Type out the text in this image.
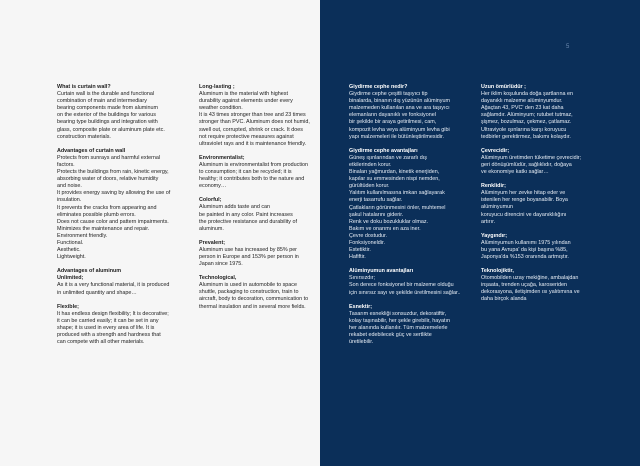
5
What is curtain wall?
Curtain wall is the durable and functional
combination of main and intermediary
bearing components made from aluminum
on the exterior of the buildings for various
bearing type buildings and integration with
glass, composite plate or aluminum plate etc.
construction materials.
Advantages of curtain wall
Protects from sunrays and harmful external
factors.
Protects the buildings from rain, kinetic energy,
absorbing water of doors, relative humidity
and noise.
It provides energy saving by allowing the use of
insulation.
It prevents the cracks from appearing and
eliminates possible plumb errors.
Does not cause color and pattern impairments.
Minimizes the maintenance and repair.
Environment friendly.
Functional.
Aesthetic.
Lightweight.
Advantages of aluminum
Unlimited;
As it is a very functional material, it is produced
in unlimited quantity and shape…
Flexible;
It has endless design flexibility; It is decorative;
it can be carried easily; it can be set in any
shape; it is used in every area of life. It is
produced with a strength and hardness that
can compete with all other materials.
Long-lasting ;
Aluminum is the material with highest
durability against elements under every
weather condition.
It is 43 times stronger than tree and 23 times
stronger than PVC. Aluminum does not humid,
swell out, corrupted, shrink or crack. It does
not require protective measures against
ultraviolet rays and it is maintenance friendly.
Environmentalist;
Aluminum is environmentalist from production
to consumption; it can be recycled; it is
healthy; it contributes both to the nature and
economy…
Colorful;
Aluminum adds taste and can
be painted in any color. Paint increases
the protective resistance and durability of
aluminum.
Prevalent;
Aluminum use has increased by 85% per
person in Europe and 153% per person in
Japan since 1975.
Technological,
Aluminum is used in automobile to space
shuttle, packaging to construction, train to
aircraft, body to decoration, communication to
thermal insulation and in several more fields.
Giydirme cephe nedir?
Giydirme cephe çeşitli taşıyıcı tip
binalarda, binanın dış yüzünün alüminyum
malzemeden kullanılan ana ve ara taşıyıcı
elemanların dayanıklı ve fonksiyonel
bir şekilde bir araya getirilmesi, cam,
kompozit levha veya alüminyum levha gibi
yapı malzemeleri ile bütünleştirilmesidir.
Giydirme cephe avantajları
Güneş ışınlarından ve zararlı dış
etkilerinden korur.
Binaları yağmurdan, kinetik enerjiden,
kapılar su emmesinden nispi nemden,
gürültüden korur.
Yalıtım kullanılmasına imkan sağlayarak
enerji tasarrufu sağlar.
Çatlakların görünmesini önler, muhtemel
şakul hatalarını giderir.
Renk ve doku bozukluklar olmaz.
Bakım ve onarımı en aza iner.
Çevre dostudur.
Fonksiyoneldir.
Estetiktir.
Hafiftir.
Alüminyumun avantajları
Sınırsızdır;
Son derece fonksiyonel bir malzeme olduğu
için sınırsız sayı ve şekilde üretilmesini sağlar..
Esnektir;
Tasarım esnekliği sonsuzdur, dekoratiftir,
kolay taşınabilir, her şekle girebilir, hayatın
her alanında kullanılır. Tüm malzemelerle
rekabet edebilecek güç ve sertlikte
üretilebilir.
Uzun ömürlüdür ;
Her iklim koşulunda doğa şartlarına en
dayanıklı malzeme alüminyumdur.
Ağaçtan 43, PVC' den 23 kat daha
sağlamdır. Alüminyum; rutubet tutmaz,
şişmez, bozulmaz, çekmez, çatlamaz.
Ultraviyole ışınlarına karşı koruyucu
tedbirler gerektirmez, bakımı kolaydır.
Çevrecidir;
Alüminyum üretimden tüketime çevrecidir;
geri dönüşümlüdür, sağlıklıdır, doğaya
ve ekonomiye katkı sağlar…
Renklidir;
Alüminyum her zevke hitap eder ve
istenilen her renge boyanabilir. Boya
alüminyumun
koruyucu direncini ve dayanıklılığını
artırır.
Yaygındır;
Alüminyumun kullanımı 1975 yılından
bu yana Avrupa' da kişi başına %85,
Japonya'da %153 oranında artmıştır.
Teknolojiktir,
Otomobilden uzay mekiğine, ambalajdan
inşaata, trenden uçağa, karoseriden
dekorasyona, iletişimden ısı yalıtımına ve
daha birçok alanda
